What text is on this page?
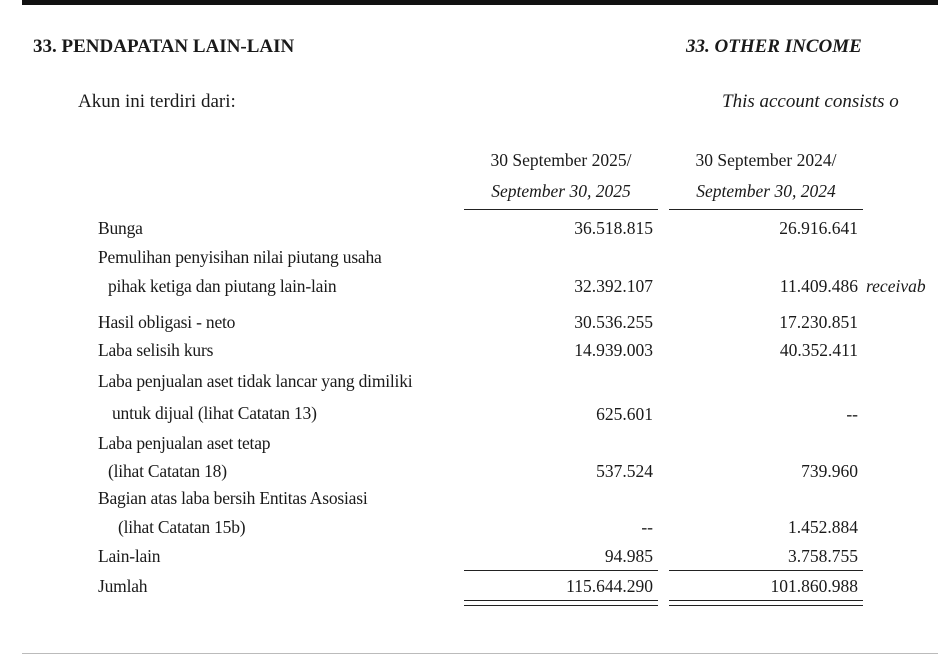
33. PENDAPATAN LAIN-LAIN	33. OTHER INCOME
Akun ini terdiri dari:	This account consists o
30 September 2025/
September 30, 2025
30 September 2024/
September 30, 2024
Bunga	36.518.815	26.916.641
Pemulihan penyisihan nilai piutang usaha
pihak ketiga dan piutang lain-lain	32.392.107	11.409.486 receivab
Hasil obligasi - neto	30.536.255	17.230.851
Laba selisih kurs	14.939.003	40.352.411
Laba penjualan aset tidak lancar yang dimiliki
untuk dijual (lihat Catatan 13)	625.601	--
Laba penjualan aset tetap
(lihat Catatan 18)	537.524	739.960
Bagian atas laba bersih Entitas Asosiasi
(lihat Catatan 15b)	--	1.452.884
Lain-lain	94.985	3.758.755
Jumlah	115.644.290	101.860.988
